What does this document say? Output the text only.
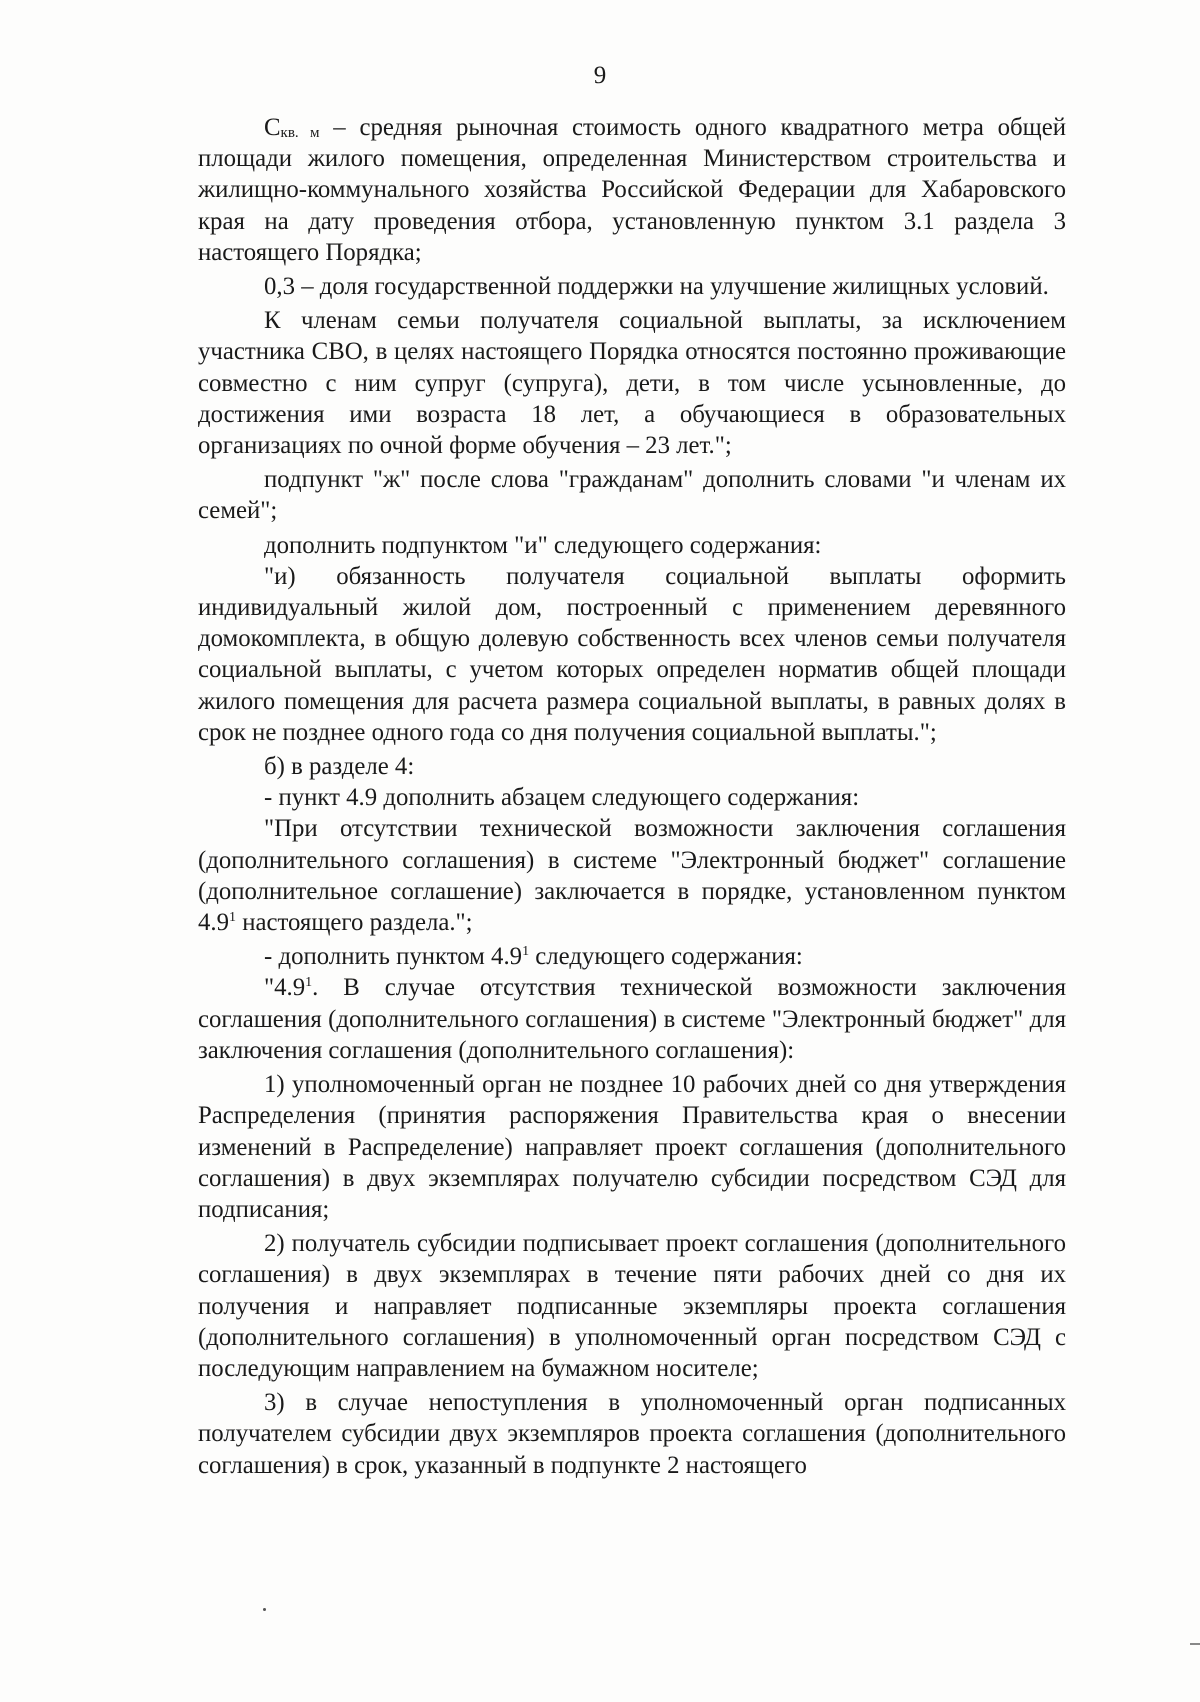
9

$С_{кв. м}$ – средняя рыночная стоимость одного квадратного метра общей площади жилого помещения, определенная Министерством строительства и жилищно-коммунального хозяйства Российской Федерации для Хабаровского края на дату проведения отбора, установленную пунктом 3.1 раздела 3 настоящего Порядка;

0,3 – доля государственной поддержки на улучшение жилищных условий.

К членам семьи получателя социальной выплаты, за исключением участника СВО, в целях настоящего Порядка относятся постоянно проживающие совместно с ним супруг (супруга), дети, в том числе усыновленные, до достижения ими возраста 18 лет, а обучающиеся в образовательных организациях по очной форме обучения – 23 лет.";

подпункт "ж" после слова "гражданам" дополнить словами "и членам их семей";

дополнить подпунктом "и" следующего содержания:

"и) обязанность получателя социальной выплаты оформить индивидуальный жилой дом, построенный с применением деревянного домокомплекта, в общую долевую собственность всех членов семьи получателя социальной выплаты, с учетом которых определен норматив общей площади жилого помещения для расчета размера социальной выплаты, в равных долях в срок не позднее одного года со дня получения социальной выплаты.";

б) в разделе 4:

- пункт 4.9 дополнить абзацем следующего содержания:

"При отсутствии технической возможности заключения соглашения (дополнительного соглашения) в системе "Электронный бюджет" соглашение (дополнительное соглашение) заключается в порядке, установленном пунктом $4.9^1$ настоящего раздела.";

- дополнить пунктом $4.9^1$ следующего содержания:

"$4.9^1$. В случае отсутствия технической возможности заключения соглашения (дополнительного соглашения) в системе "Электронный бюджет" для заключения соглашения (дополнительного соглашения):

1) уполномоченный орган не позднее 10 рабочих дней со дня утверждения Распределения (принятия распоряжения Правительства края о внесении изменений в Распределение) направляет проект соглашения (дополнительного соглашения) в двух экземплярах получателю субсидии посредством СЭД для подписания;

2) получатель субсидии подписывает проект соглашения (дополнительного соглашения) в двух экземплярах в течение пяти рабочих дней со дня их получения и направляет подписанные экземпляры проекта соглашения (дополнительного соглашения) в уполномоченный орган посредством СЭД с последующим направлением на бумажном носителе;

3) в случае непоступления в уполномоченный орган подписанных получателем субсидии двух экземпляров проекта соглашения (дополнительного соглашения) в срок, указанный в подпункте 2 настоящего
